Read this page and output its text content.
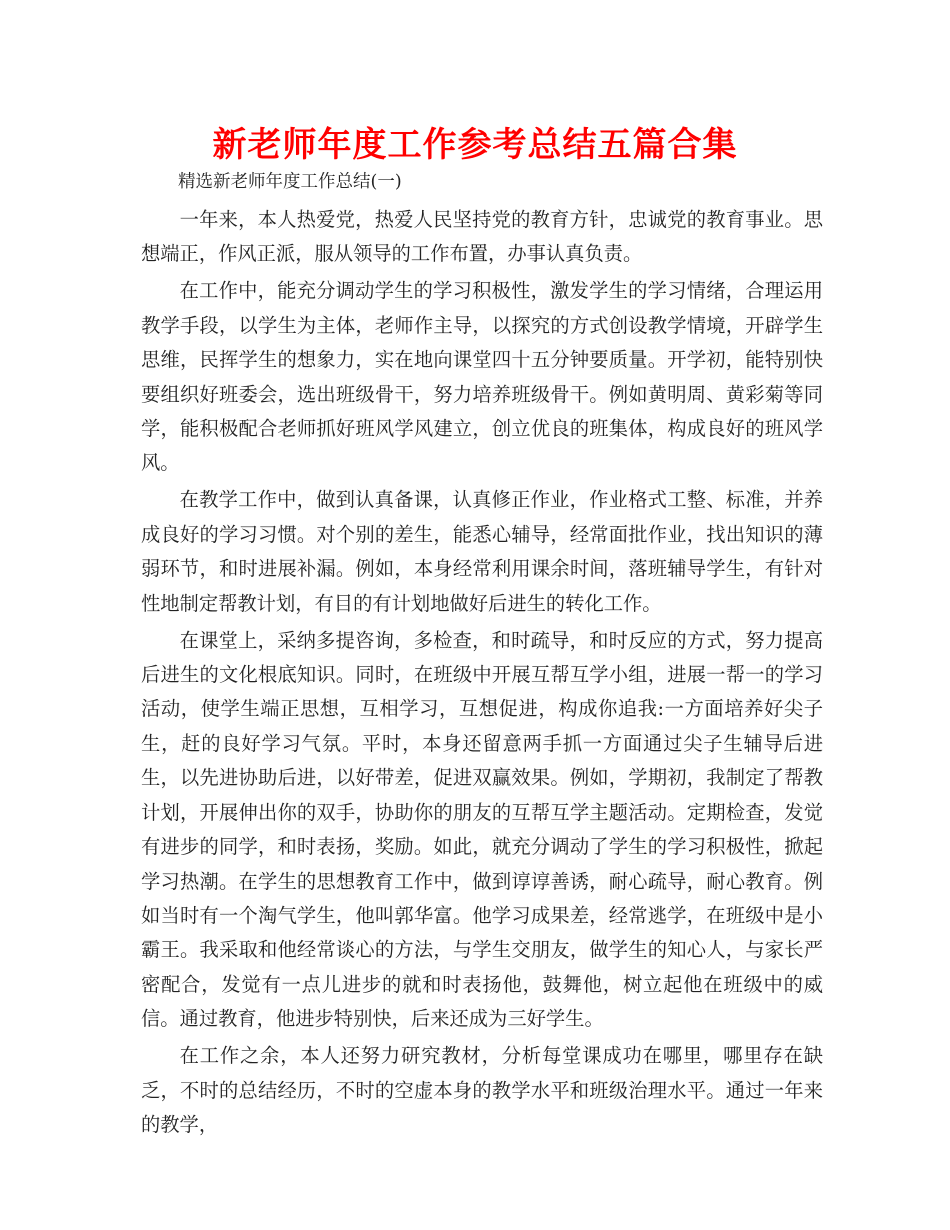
新老师年度工作参考总结五篇合集
精选新老师年度工作总结(一)

一年来，本人热爱党，热爱人民坚持党的教育方针，忠诚党的教育事业。思想端正，作风正派，服从领导的工作布置，办事认真负责。

在工作中，能充分调动学生的学习积极性，激发学生的学习情绪，合理运用教学手段，以学生为主体，老师作主导，以探究的方式创设教学情境，开辟学生思维，民挥学生的想象力，实在地向课堂四十五分钟要质量。开学初，能特别快要组织好班委会，选出班级骨干，努力培养班级骨干。例如黄明周、黄彩菊等同学，能积极配合老师抓好班风学风建立，创立优良的班集体，构成良好的班风学风。

在教学工作中，做到认真备课，认真修正作业，作业格式工整、标准，并养成良好的学习习惯。对个别的差生，能悉心辅导，经常面批作业，找出知识的薄弱环节，和时进展补漏。例如，本身经常利用课余时间，落班辅导学生，有针对性地制定帮教计划，有目的有计划地做好后进生的转化工作。

在课堂上，采纳多提咨询，多检查，和时疏导，和时反应的方式，努力提高后进生的文化根底知识。同时，在班级中开展互帮互学小组，进展一帮一的学习活动，使学生端正思想，互相学习，互想促进，构成你追我:一方面培养好尖子生，赶的良好学习气氛。平时，本身还留意两手抓一方面通过尖子生辅导后进生，以先进协助后进，以好带差，促进双赢效果。例如，学期初，我制定了帮教计划，开展伸出你的双手，协助你的朋友的互帮互学主题活动。定期检查，发觉有进步的同学，和时表扬，奖励。如此，就充分调动了学生的学习积极性，掀起学习热潮。在学生的思想教育工作中，做到谆谆善诱，耐心疏导，耐心教育。例如当时有一个淘气学生，他叫郭华富。他学习成果差，经常逃学，在班级中是小霸王。我采取和他经常谈心的方法，与学生交朋友，做学生的知心人，与家长严密配合，发觉有一点儿进步的就和时表扬他，鼓舞他，树立起他在班级中的威信。通过教育，他进步特别快，后来还成为三好学生。

在工作之余，本人还努力研究教材，分析每堂课成功在哪里，哪里存在缺乏，不时的总结经历，不时的空虚本身的教学水平和班级治理水平。通过一年来的教学，
